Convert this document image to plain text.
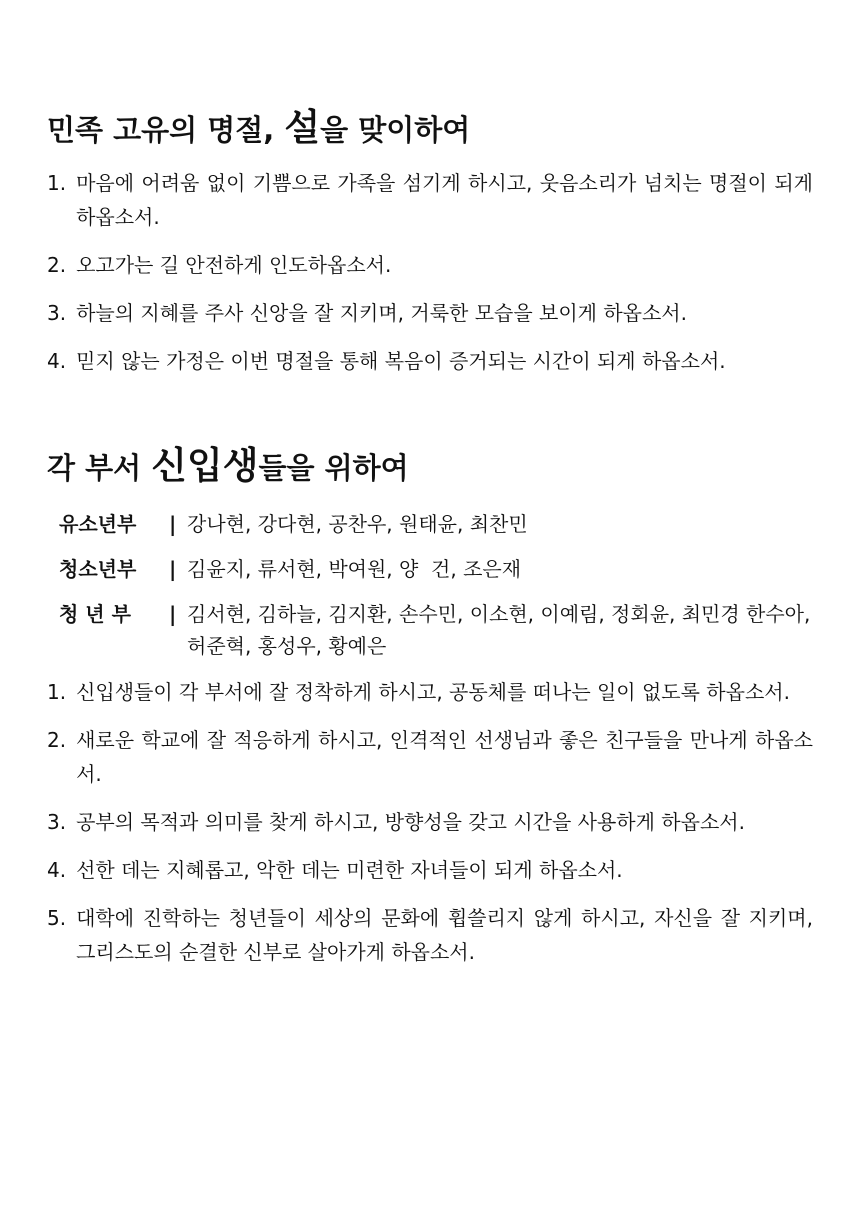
민족 고유의 명절, 설을 맞이하여
1. 마음에 어려움 없이 기쁨으로 가족을 섬기게 하시고, 웃음소리가 넘치는 명절이 되게 하옵소서.
2. 오고가는 길 안전하게 인도하옵소서.
3. 하늘의 지혜를 주사 신앙을 잘 지키며, 거룩한 모습을 보이게 하옵소서.
4. 믿지 않는 가정은 이번 명절을 통해 복음이 증거되는 시간이 되게 하옵소서.
각 부서 신입생들을 위하여
유소년부	| 강나현, 강다현, 공찬우, 원태윤, 최찬민
청소년부	| 김윤지, 류서현, 박여원, 양  건, 조은재
청 년 부	| 김서현, 김하늘, 김지환, 손수민, 이소현, 이예림, 정회윤, 최민경 한수아, 허준혁, 홍성우, 황예은
1. 신입생들이 각 부서에 잘 정착하게 하시고, 공동체를 떠나는 일이 없도록 하옵소서.
2. 새로운 학교에 잘 적응하게 하시고, 인격적인 선생님과 좋은 친구들을 만나게 하옵소서.
3. 공부의 목적과 의미를 찾게 하시고, 방향성을 갖고 시간을 사용하게 하옵소서.
4. 선한 데는 지혜롭고, 악한 데는 미련한 자녀들이 되게 하옵소서.
5. 대학에 진학하는 청년들이 세상의 문화에 휩쓸리지 않게 하시고, 자신을 잘 지키며, 그리스도의 순결한 신부로 살아가게 하옵소서.
